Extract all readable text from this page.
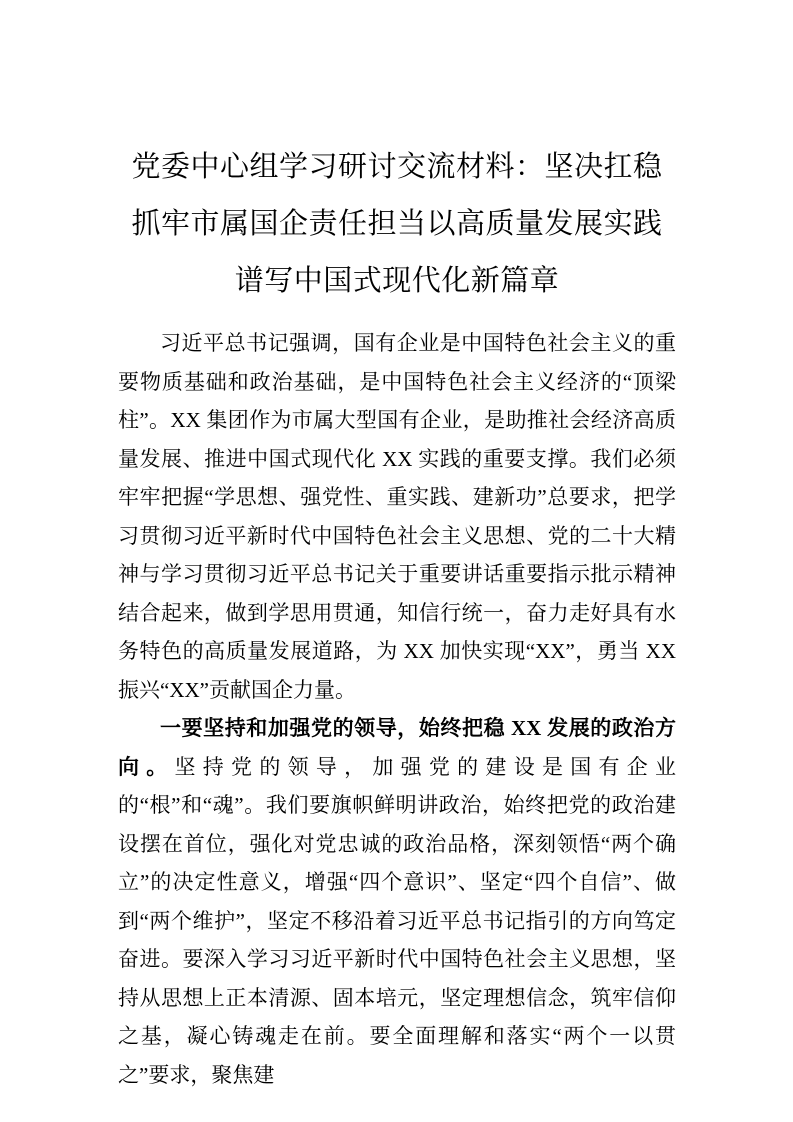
党委中心组学习研讨交流材料：坚决扛稳抓牢市属国企责任担当以高质量发展实践谱写中国式现代化新篇章

习近平总书记强调，国有企业是中国特色社会主义的重要物质基础和政治基础，是中国特色社会主义经济的“顶梁柱”。XX 集团作为市属大型国有企业，是助推社会经济高质量发展、推进中国式现代化 XX 实践的重要支撑。我们必须牢牢把握“学思想、强党性、重实践、建新功”总要求，把学习贯彻习近平新时代中国特色社会主义思想、党的二十大精神与学习贯彻习近平总书记关于重要讲话重要指示批示精神结合起来，做到学思用贯通，知信行统一，奋力走好具有水务特色的高质量发展道路，为 XX 加快实现“XX”，勇当 XX 振兴“XX”贡献国企力量。

一要坚持和加强党的领导，始终把稳 XX 发展的政治方向。坚持党的领导，加强党的建设是国有企业的“根”和“魂”。我们要旗帜鲜明讲政治，始终把党的政治建设摆在首位，强化对党忠诚的政治品格，深刻领悟“两个确立”的决定性意义，增强“四个意识”、坚定“四个自信”、做到“两个维护”，坚定不移沿着习近平总书记指引的方向笃定奋进。要深入学习习近平新时代中国特色社会主义思想，坚持从思想上正本清源、固本培元，坚定理想信念，筑牢信仰之基，凝心铸魂走在前。要全面理解和落实“两个一以贯之”要求，聚焦建
